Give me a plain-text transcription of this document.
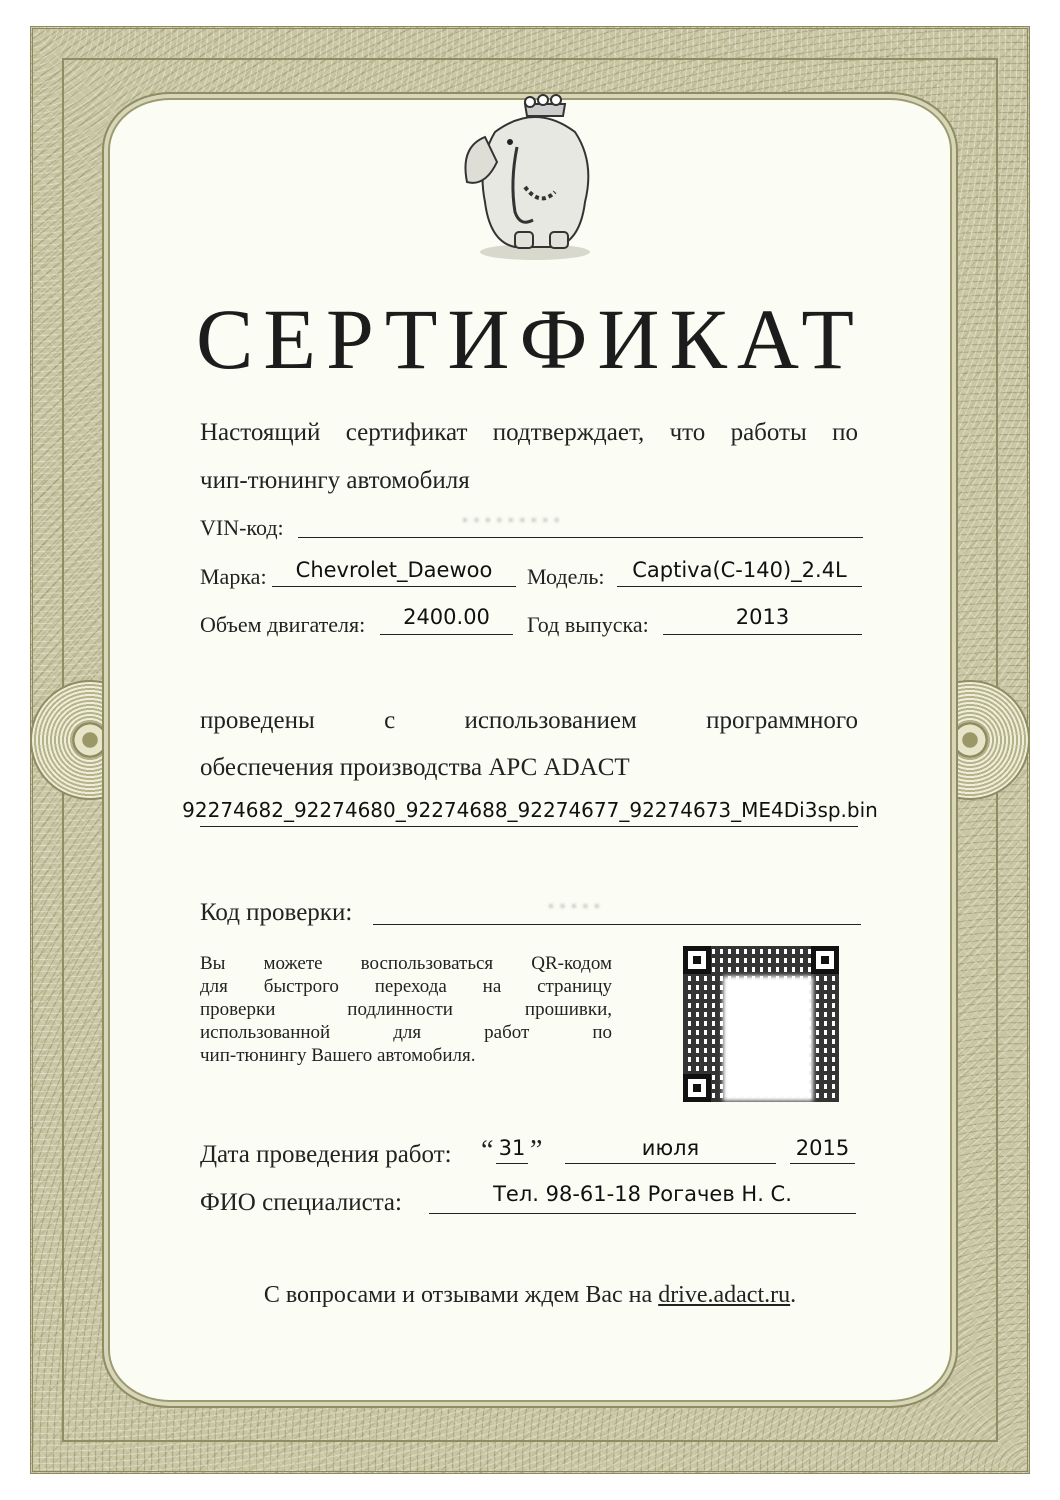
СЕРТИФИКАТ
Настоящий сертификат подтверждает, что работы по
чип-тюнингу автомобиля
VIN-код:	ᐧ ᐧ ᐧ ᐧ ᐧ ᐧ ᐧ ᐧ ᐧ
Марка:	Chevrolet_Daewoo	Модель:	Captiva(C-140)_2.4L
Объем двигателя:	2400.00	Год выпуска:	2013
проведены с использованием программного
обеспечения производства АРС ADACT
92274682_92274680_92274688_92274677_92274673_ME4Di3sp.bin
Код проверки:	ᐧ ᐧ ᐧ ᐧ ᐧ
Вы можете воспользоваться QR-кодом
для быстрого перехода на страницу
проверки подлинности прошивки,
использованной для работ по
чип-тюнингу Вашего автомобиля.
Дата проведения работ: “ 31 ”	июля	2015
ФИО специалиста:	Тел. 98-61-18 Рогачев Н. С.
С вопросами и отзывами ждем Вас на drive.adact.ru.
